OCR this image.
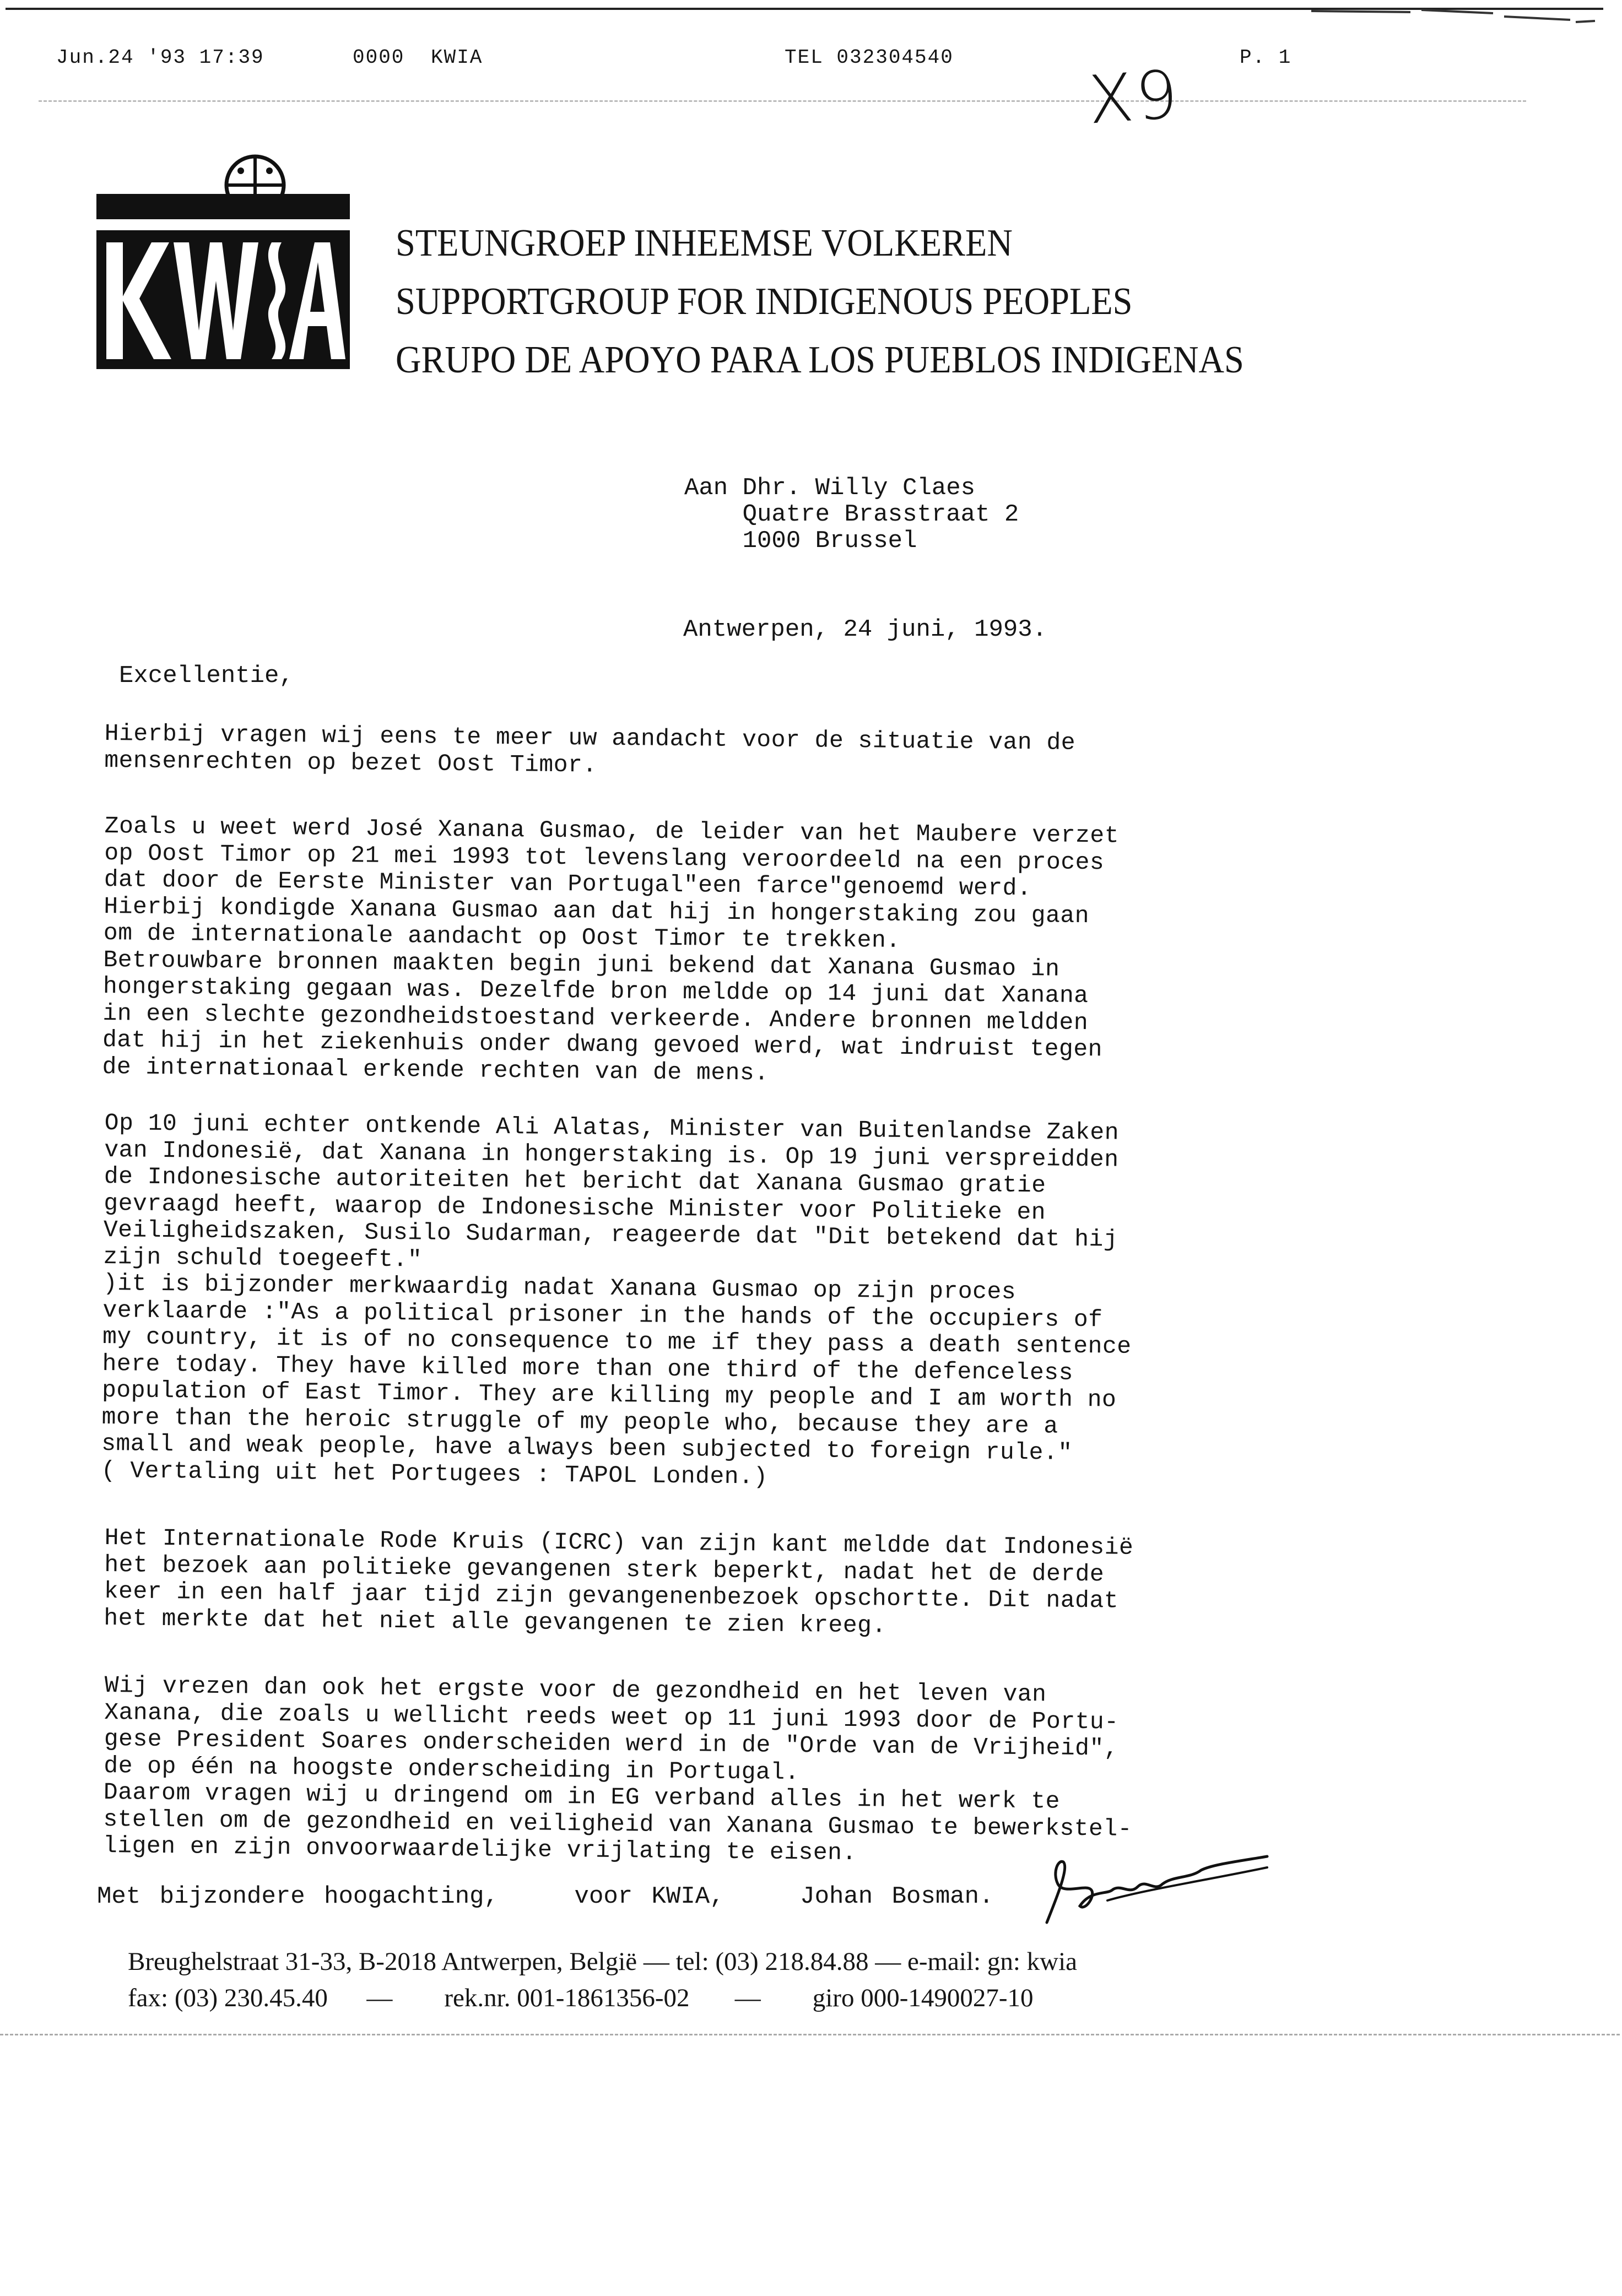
Jun.24 '93 17:39	0000 KWIA	TEL 032304540	P. 1
X9
STEUNGROEP INHEEMSE VOLKEREN
SUPPORTGROUP FOR INDIGENOUS PEOPLES
GRUPO DE APOYO PARA LOS PUEBLOS INDIGENAS
Aan Dhr. Willy Claes
Quatre Brasstraat 2
1000 Brussel
Antwerpen, 24 juni, 1993.
Excellentie,
Hierbij vragen wij eens te meer uw aandacht voor de situatie van de
mensenrechten op bezet Oost Timor.
Zoals u weet werd José Xanana Gusmao, de leider van het Maubere verzet
op Oost Timor op 21 mei 1993 tot levenslang veroordeeld na een proces
dat door de Eerste Minister van Portugal"een farce"genoemd werd.
Hierbij kondigde Xanana Gusmao aan dat hij in hongerstaking zou gaan
om de internationale aandacht op Oost Timor te trekken.
Betrouwbare bronnen maakten begin juni bekend dat Xanana Gusmao in
hongerstaking gegaan was. Dezelfde bron meldde op 14 juni dat Xanana
in een slechte gezondheidstoestand verkeerde. Andere bronnen meldden
dat hij in het ziekenhuis onder dwang gevoed werd, wat indruist tegen
de internationaal erkende rechten van de mens.
Op 10 juni echter ontkende Ali Alatas, Minister van Buitenlandse Zaken
van Indonesië, dat Xanana in hongerstaking is. Op 19 juni verspreidden
de Indonesische autoriteiten het bericht dat Xanana Gusmao gratie
gevraagd heeft, waarop de Indonesische Minister voor Politieke en
Veiligheidszaken, Susilo Sudarman, reageerde dat "Dit betekend dat hij
zijn schuld toegeeft."
)it is bijzonder merkwaardig nadat Xanana Gusmao op zijn proces
verklaarde :"As a political prisoner in the hands of the occupiers of
my country, it is of no consequence to me if they pass a death sentence
here today. They have killed more than one third of the defenceless
population of East Timor. They are killing my people and I am worth no
more than the heroic struggle of my people who, because they are a
small and weak people, have always been subjected to foreign rule."
( Vertaling uit het Portugees : TAPOL Londen.)
Het Internationale Rode Kruis (ICRC) van zijn kant meldde dat Indonesië
het bezoek aan politieke gevangenen sterk beperkt, nadat het de derde
keer in een half jaar tijd zijn gevangenenbezoek opschortte. Dit nadat
het merkte dat het niet alle gevangenen te zien kreeg.
Wij vrezen dan ook het ergste voor de gezondheid en het leven van
Xanana, die zoals u wellicht reeds weet op 11 juni 1993 door de Portu-
gese President Soares onderscheiden werd in de "Orde van de Vrijheid",
de op één na hoogste onderscheiding in Portugal.
Daarom vragen wij u dringend om in EG verband alles in het werk te
stellen om de gezondheid en veiligheid van Xanana Gusmao te bewerkstel-
ligen en zijn onvoorwaardelijke vrijlating te eisen.
Met bijzondere hoogachting,    voor KWIA,    Johan Bosman.
Breughelstraat 31-33, B-2018 Antwerpen, België — tel: (03) 218.84.88 — e-mail: gn: kwia
fax: (03) 230.45.40      —        rek.nr. 001-1861356-02       —        giro 000-1490027-10
